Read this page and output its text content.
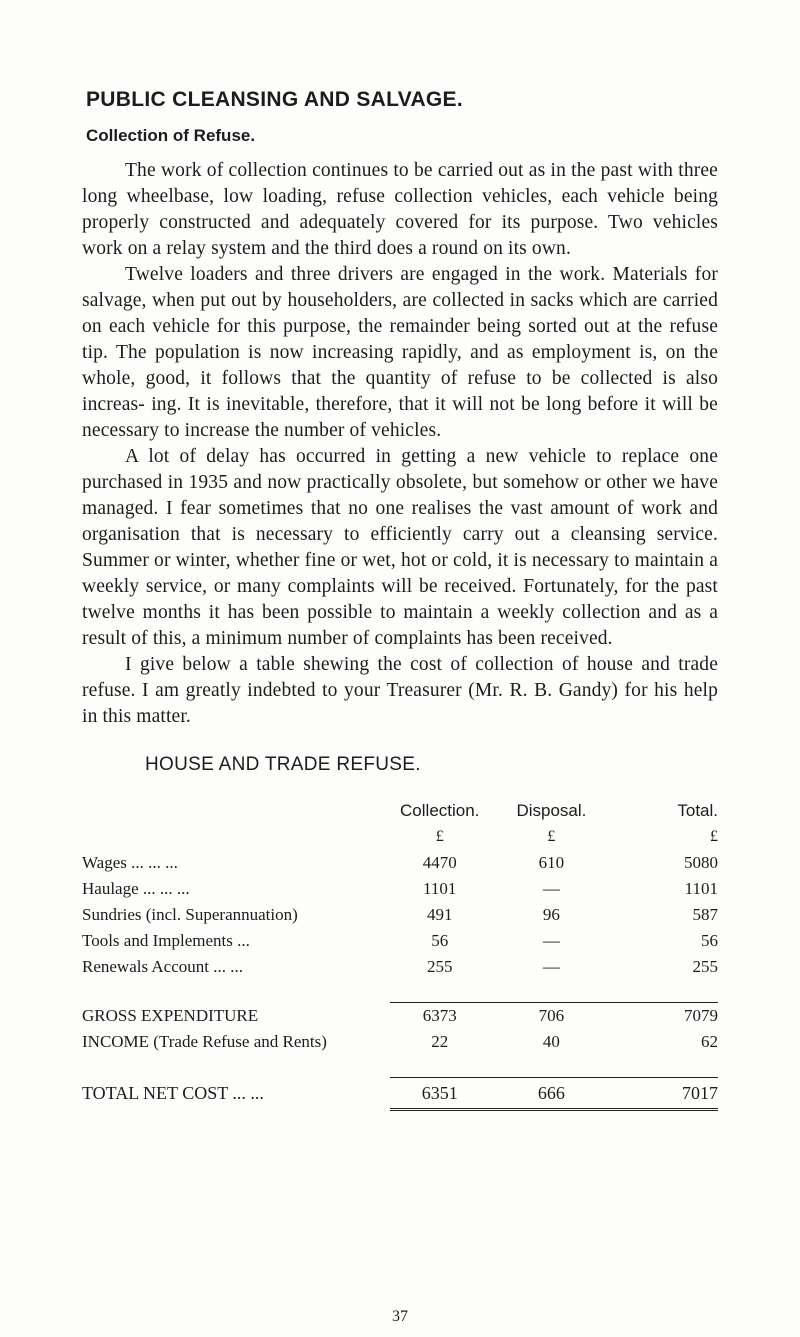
PUBLIC CLEANSING AND SALVAGE.
Collection of Refuse.

The work of collection continues to be carried out as in the past with three long wheelbase, low loading, refuse collection vehicles, each vehicle being properly constructed and adequately covered for its purpose. Two vehicles work on a relay system and the third does a round on its own.

Twelve loaders and three drivers are engaged in the work. Materials for salvage, when put out by householders, are collected in sacks which are carried on each vehicle for this purpose, the remainder being sorted out at the refuse tip. The population is now increasing rapidly, and as employment is, on the whole, good, it follows that the quantity of refuse to be collected is also increas- ing. It is inevitable, therefore, that it will not be long before it will be necessary to increase the number of vehicles.

A lot of delay has occurred in getting a new vehicle to replace one purchased in 1935 and now practically obsolete, but somehow or other we have managed. I fear sometimes that no one realises the vast amount of work and organisation that is necessary to efficiently carry out a cleansing service. Summer or winter, whether fine or wet, hot or cold, it is necessary to maintain a weekly service, or many complaints will be received. Fortunately, for the past twelve months it has been possible to maintain a weekly collection and as a result of this, a minimum number of complaints has been received.

I give below a table shewing the cost of collection of house and trade refuse. I am greatly indebted to your Treasurer (Mr. R. B. Gandy) for his help in this matter.

HOUSE AND TRADE REFUSE.
	Collection.	Disposal.	Total.
	£	£	£
Wages ... ... ...	4470	610	5080
Haulage ... ... ...	1101	—	1101
Sundries (incl. Superannuation)	491	96	587
Tools and Implements ...	56	—	56
Renewals Account ... ...	255	—	255

GROSS EXPENDITURE	6373	706	7079
INCOME (Trade Refuse and Rents)	22	40	62

TOTAL NET COST ... ...	6351	666	7017
37
